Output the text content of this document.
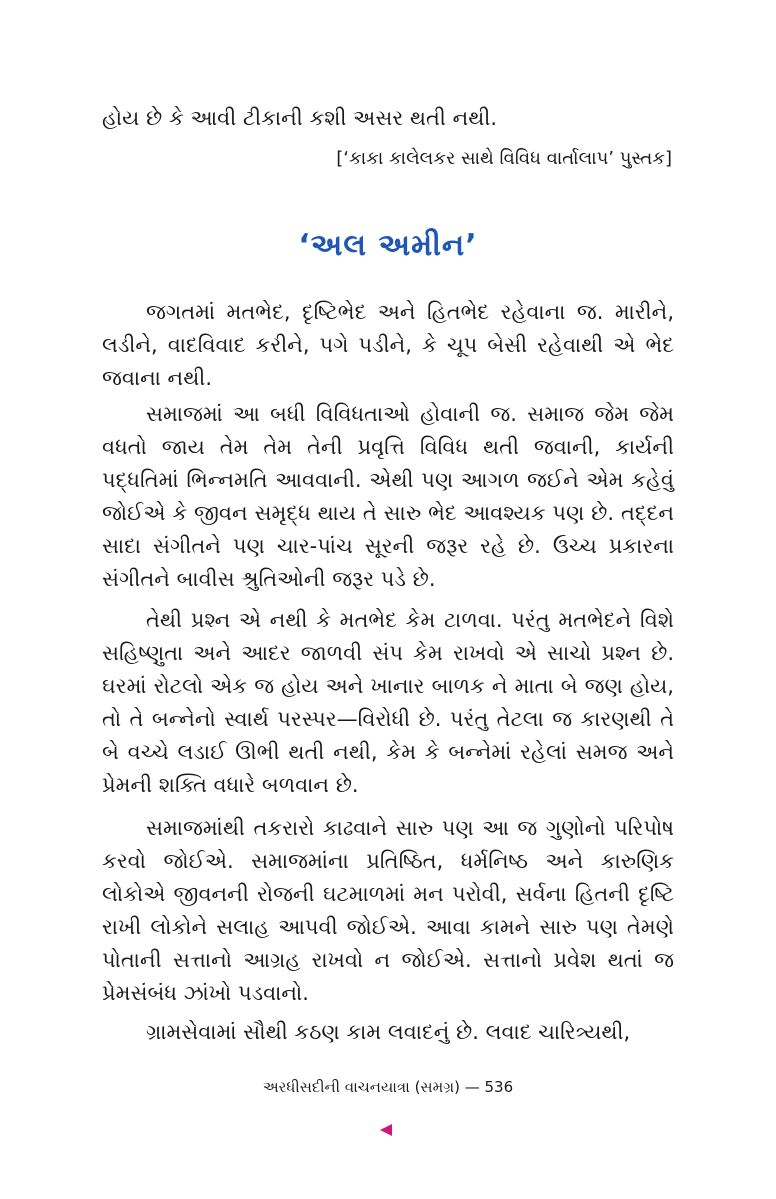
હોય છે કે આવી ટીકાની કશી અસર થતી નથી.
[‘કાકા કાલેલકર સાથે વિવિધ વાર્તાલાપ’ પુસ્તક]
‘અલ અમીન’

જગતમાં મતભેદ, દૃષ્ટિભેદ અને હિતભેદ રહેવાના જ. મારીને, લડીને, વાદવિવાદ કરીને, પગે પડીને, કે ચૂપ બેસી રહેવાથી એ ભેદ જવાના નથી.

સમાજમાં આ બધી વિવિધતાઓ હોવાની જ. સમાજ જેમ જેમ વધતો જાય તેમ તેમ તેની પ્રવૃત્તિ વિવિધ થતી જવાની, કાર્યની પદ્ધતિમાં ભિન્નમતિ આવવાની. એથી પણ આગળ જઈને એમ કહેવું જોઈએ કે જીવન સમૃદ્ધ થાય તે સારુ ભેદ આવશ્યક પણ છે. તદ્દન સાદા સંગીતને પણ ચાર-પાંચ સૂરની જરૂર રહે છે. ઉચ્ચ પ્રકારના સંગીતને બાવીસ શ્રુતિઓની જરૂર પડે છે.

તેથી પ્રશ્ન એ નથી કે મતભેદ કેમ ટાળવા. પરંતુ મતભેદને વિશે સહિષ્ણુતા અને આદર જાળવી સંપ કેમ રાખવો એ સાચો પ્રશ્ન છે. ઘરમાં રોટલો એક જ હોય અને ખાનાર બાળક ને માતા બે જણ હોય, તો તે બન્નેનો સ્વાર્થ પરસ્પર—વિરોધી છે. પરંતુ તેટલા જ કારણથી તે બે વચ્ચે લડાઈ ઊભી થતી નથી, કેમ કે બન્નેમાં રહેલાં સમજ અને પ્રેમની શક્તિ વધારે બળવાન છે.

સમાજમાંથી તકરારો કાઢવાને સારુ પણ આ જ ગુણોનો પરિપોષ કરવો જોઈએ. સમાજમાંના પ્રતિષ્ઠિત, ધર્મનિષ્ઠ અને કારુણિક લોકોએ જીવનની રોજની ઘટમાળમાં મન પરોવી, સર્વના હિતની દૃષ્ટિ રાખી લોકોને સલાહ આપવી જોઈએ. આવા કામને સારુ પણ તેમણે પોતાની સત્તાનો આગ્રહ રાખવો ન જોઈએ. સત્તાનો પ્રવેશ થતાં જ પ્રેમસંબંધ ઝાંખો પડવાનો.

ગ્રામસેવામાં સૌથી કઠણ કામ લવાદનું છે. લવાદ ચારિત્ર્યથી,

અરધીસદીની વાચનયાત્રા (સમગ્ર) — 536
